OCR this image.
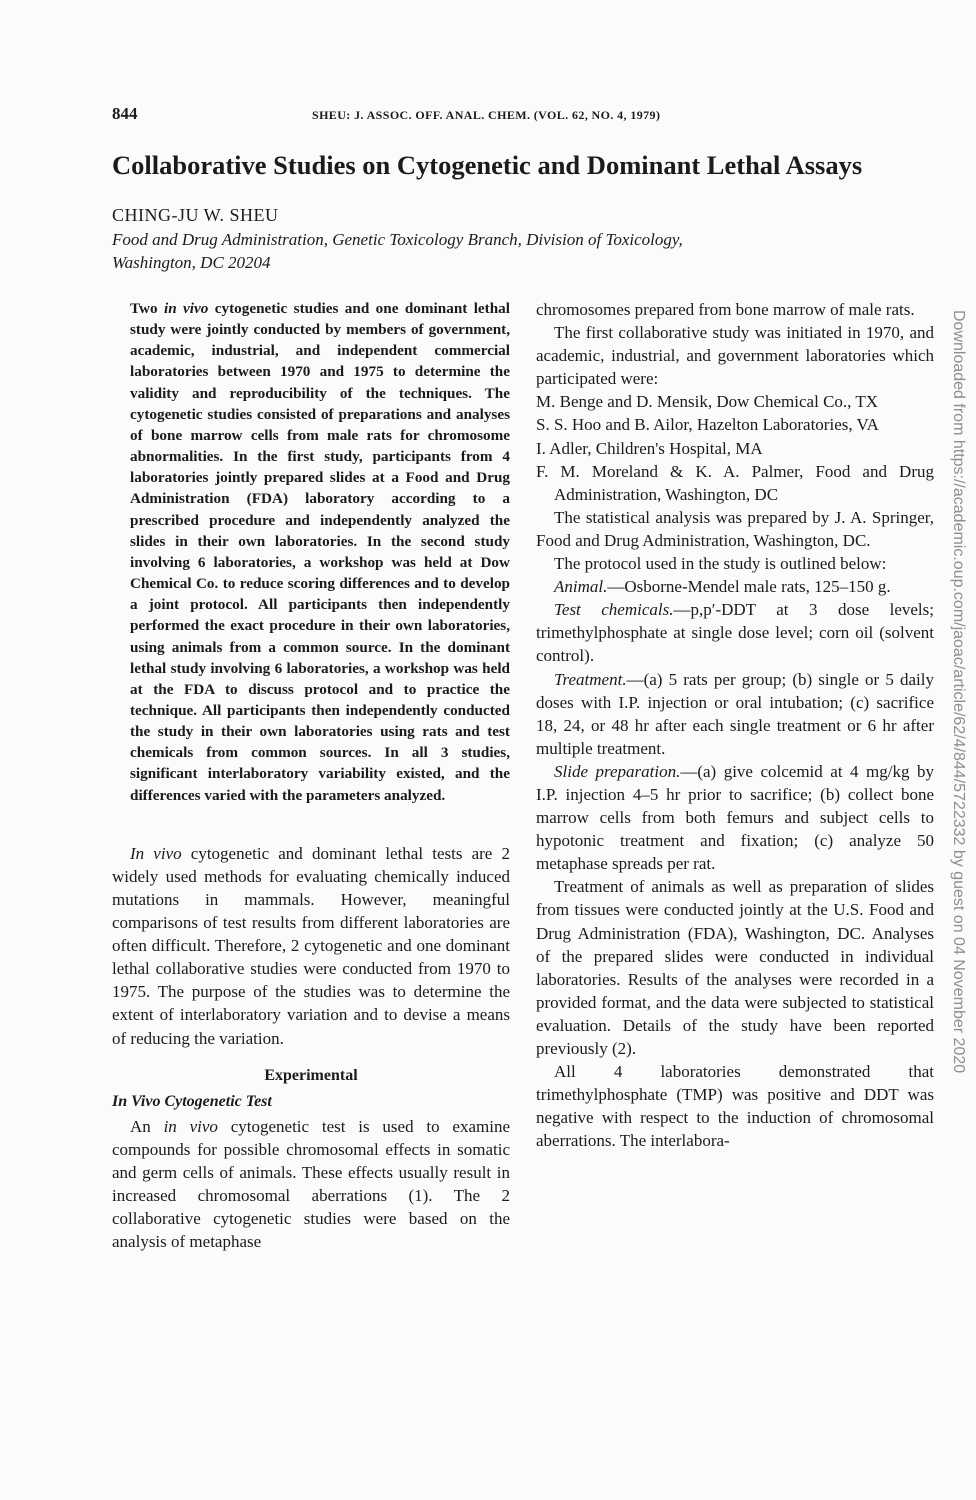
844	SHEU: J. ASSOC. OFF. ANAL. CHEM. (VOL. 62, NO. 4, 1979)
Collaborative Studies on Cytogenetic and Dominant Lethal Assays
CHING-JU W. SHEU
Food and Drug Administration, Genetic Toxicology Branch, Division of Toxicology,
Washington, DC 20204

Two in vivo cytogenetic studies and one dominant lethal study were jointly conducted by members of government, academic, industrial, and independent commercial laboratories between 1970 and 1975 to determine the validity and reproducibility of the techniques. The cytogenetic studies consisted of preparations and analyses of bone marrow cells from male rats for chromosome abnormalities. In the first study, participants from 4 laboratories jointly prepared slides at a Food and Drug Administration (FDA) laboratory according to a prescribed procedure and independently analyzed the slides in their own laboratories. In the second study involving 6 laboratories, a workshop was held at Dow Chemical Co. to reduce scoring differences and to develop a joint protocol. All participants then independently performed the exact procedure in their own laboratories, using animals from a common source. In the dominant lethal study involving 6 laboratories, a workshop was held at the FDA to discuss protocol and to practice the technique. All participants then independently conducted the study in their own laboratories using rats and test chemicals from common sources. In all 3 studies, significant interlaboratory variability existed, and the differences varied with the parameters analyzed.

In vivo cytogenetic and dominant lethal tests are 2 widely used methods for evaluating chemically induced mutations in mammals. However, meaningful comparisons of test results from different laboratories are often difficult. Therefore, 2 cytogenetic and one dominant lethal collaborative studies were conducted from 1970 to 1975. The purpose of the studies was to determine the extent of interlaboratory variation and to devise a means of reducing the variation.

Experimental
In Vivo Cytogenetic Test

An in vivo cytogenetic test is used to examine compounds for possible chromosomal effects in somatic and germ cells of animals. These effects usually result in increased chromosomal aberrations (1). The 2 collaborative cytogenetic studies were based on the analysis of metaphase

chromosomes prepared from bone marrow of male rats.

The first collaborative study was initiated in 1970, and academic, industrial, and government laboratories which participated were:

M. Benge and D. Mensik, Dow Chemical Co., TX

S. S. Hoo and B. Ailor, Hazelton Laboratories, VA

I. Adler, Children's Hospital, MA

F. M. Moreland & K. A. Palmer, Food and Drug Administration, Washington, DC

The statistical analysis was prepared by J. A. Springer, Food and Drug Administration, Washington, DC.

The protocol used in the study is outlined below:

Animal.—Osborne-Mendel male rats, 125–150 g.

Test chemicals.—p,p′-DDT at 3 dose levels; trimethylphosphate at single dose level; corn oil (solvent control).

Treatment.—(a) 5 rats per group; (b) single or 5 daily doses with I.P. injection or oral intubation; (c) sacrifice 18, 24, or 48 hr after each single treatment or 6 hr after multiple treatment.

Slide preparation.—(a) give colcemid at 4 mg/kg by I.P. injection 4–5 hr prior to sacrifice; (b) collect bone marrow cells from both femurs and subject cells to hypotonic treatment and fixation; (c) analyze 50 metaphase spreads per rat.

Treatment of animals as well as preparation of slides from tissues were conducted jointly at the U.S. Food and Drug Administration (FDA), Washington, DC. Analyses of the prepared slides were conducted in individual laboratories. Results of the analyses were recorded in a provided format, and the data were subjected to statistical evaluation. Details of the study have been reported previously (2).

All 4 laboratories demonstrated that trimethylphosphate (TMP) was positive and DDT was negative with respect to the induction of chromosomal aberrations. The interlabora-

Downloaded from https://academic.oup.com/jaoac/article/62/4/844/5722332 by guest on 04 November 2020
